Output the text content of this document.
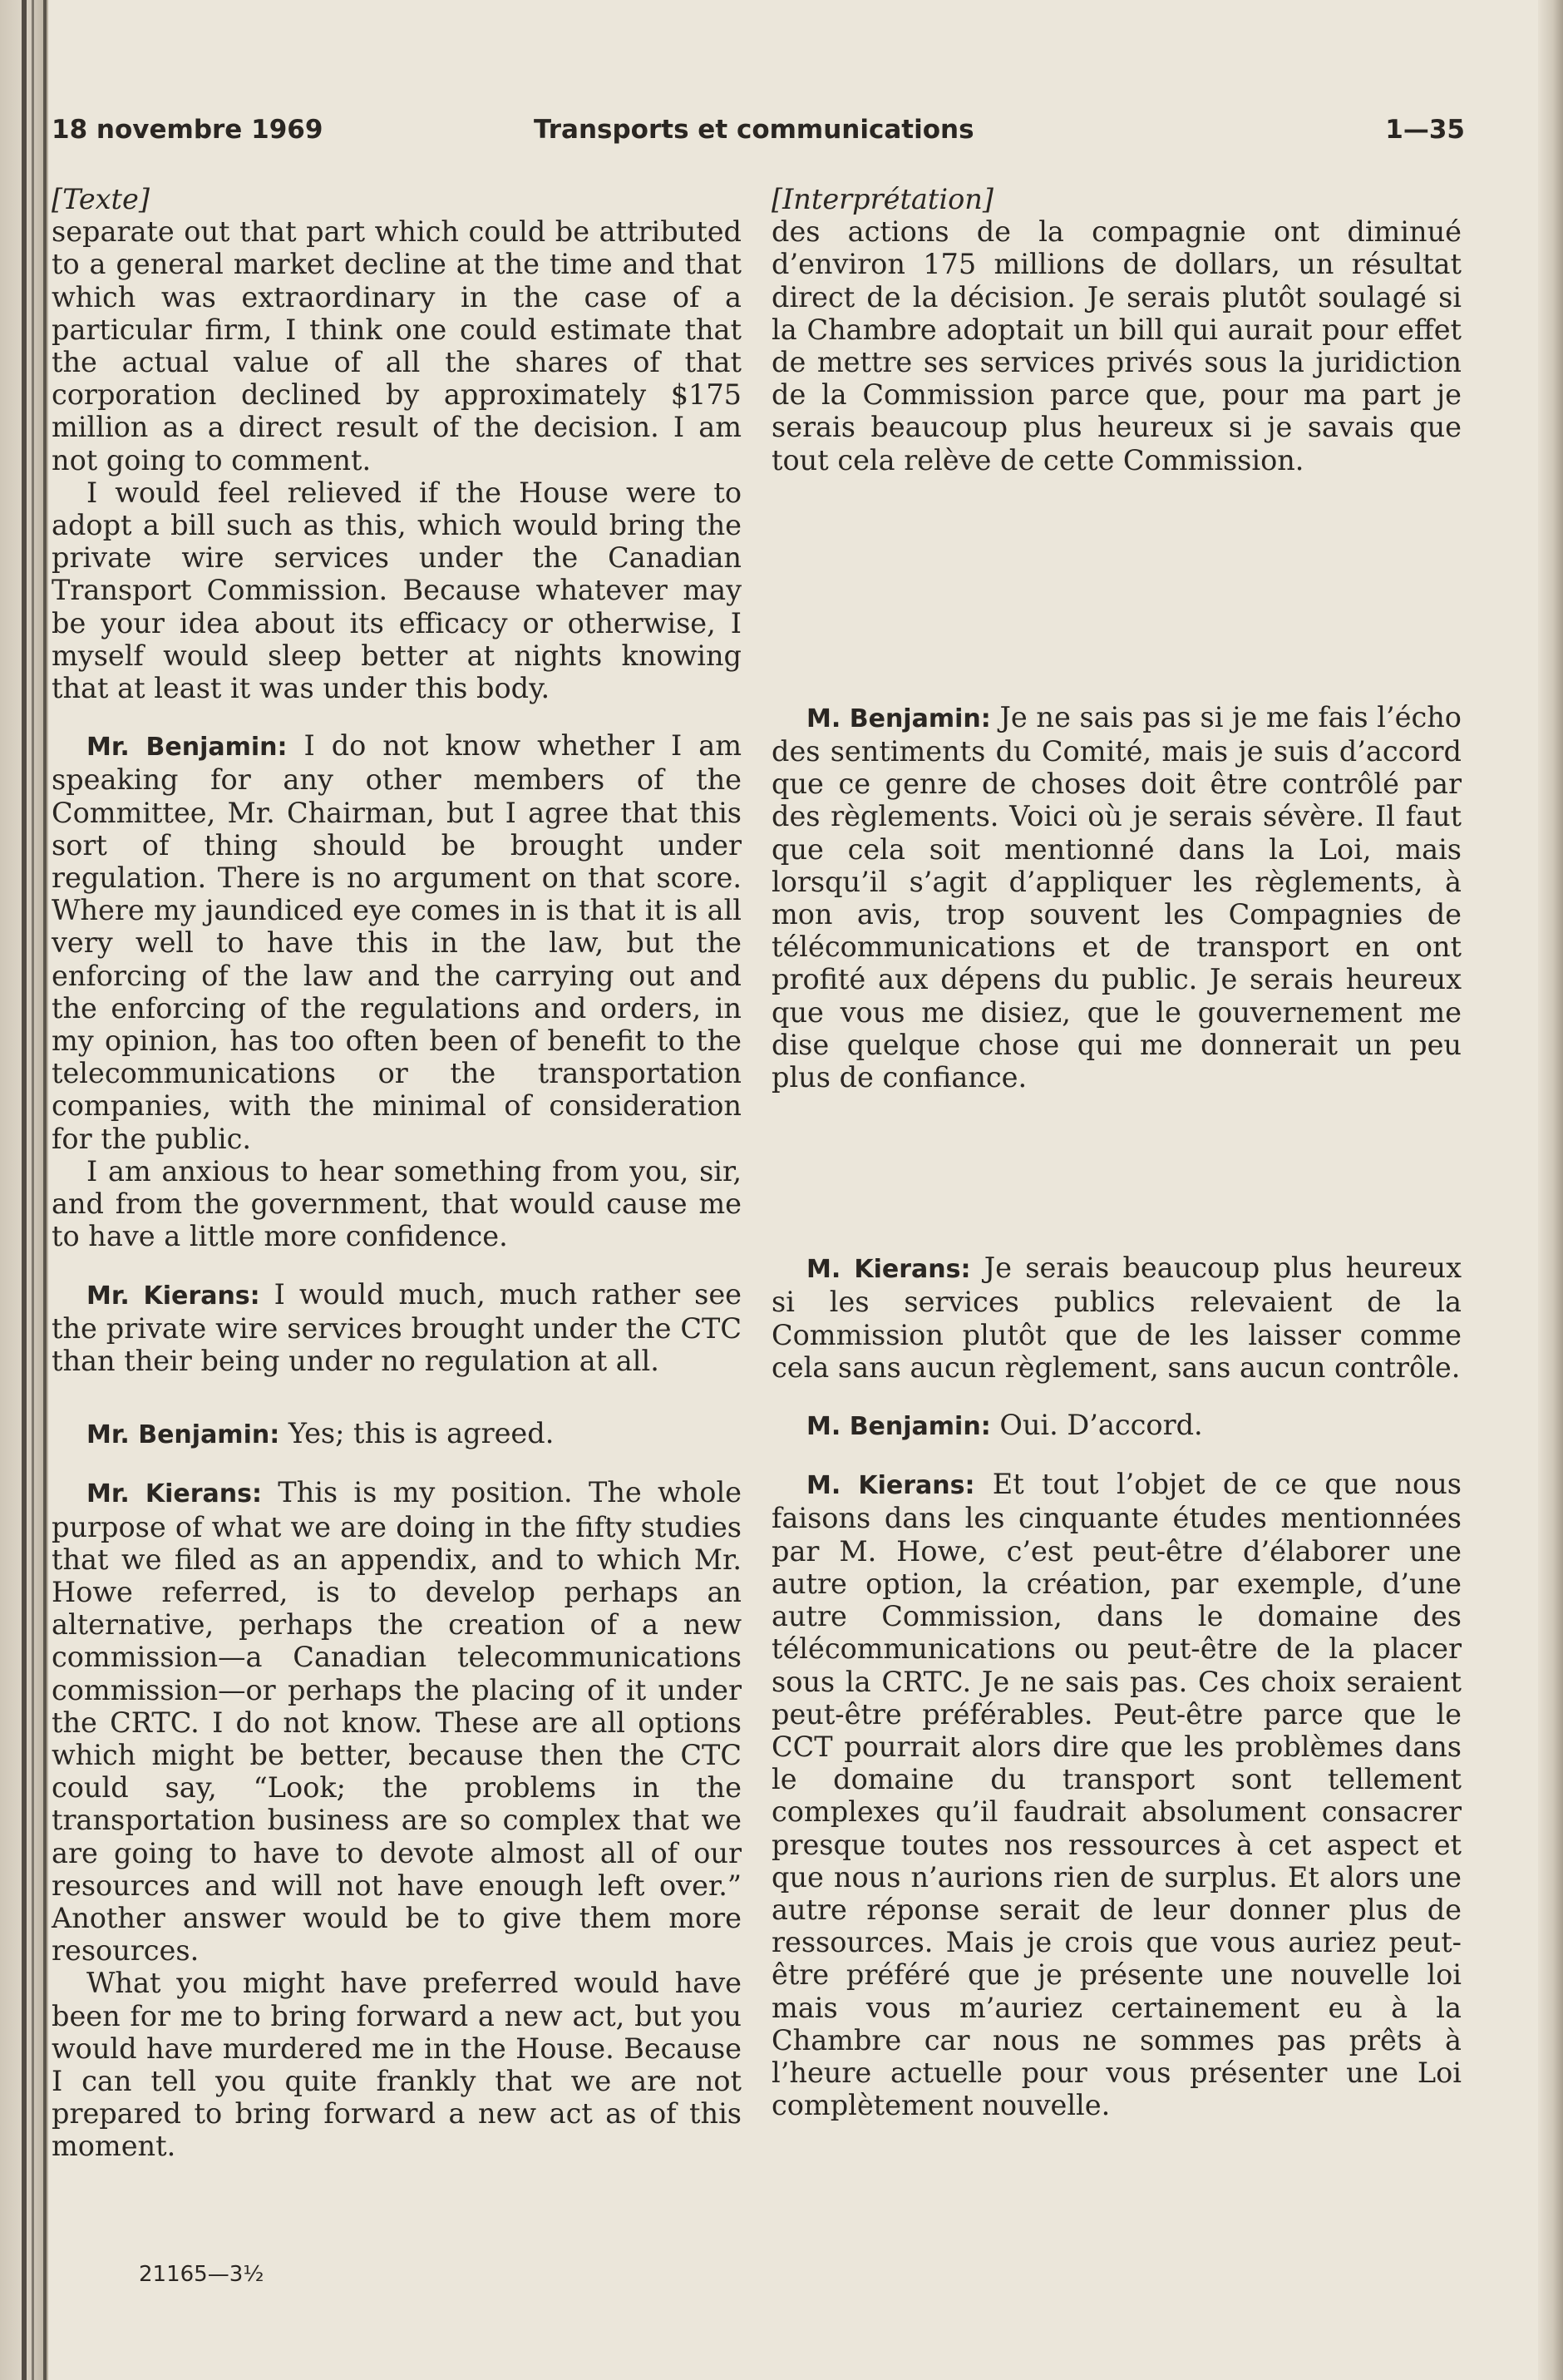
18 novembre 1969	Transports et communications	1—35

[Texte]

separate out that part which could be attributed to a general market decline at the time and that which was extraordinary in the case of a particular firm, I think one could estimate that the actual value of all the shares of that corporation declined by approximately $175 million as a direct result of the decision. I am not going to comment.

I would feel relieved if the House were to adopt a bill such as this, which would bring the private wire services under the Canadian Transport Commission. Because whatever may be your idea about its efficacy or otherwise, I myself would sleep better at nights knowing that at least it was under this body.

Mr. Benjamin: I do not know whether I am speaking for any other members of the Committee, Mr. Chairman, but I agree that this sort of thing should be brought under regulation. There is no argument on that score. Where my jaundiced eye comes in is that it is all very well to have this in the law, but the enforcing of the law and the carrying out and the enforcing of the regulations and orders, in my opinion, has too often been of benefit to the telecommunications or the transportation companies, with the minimal of consideration for the public.

I am anxious to hear something from you, sir, and from the government, that would cause me to have a little more confidence.

Mr. Kierans: I would much, much rather see the private wire services brought under the CTC than their being under no regulation at all.

Mr. Benjamin: Yes; this is agreed.

Mr. Kierans: This is my position. The whole purpose of what we are doing in the fifty studies that we filed as an appendix, and to which Mr. Howe referred, is to develop perhaps an alternative, perhaps the creation of a new commission—a Canadian telecommunications commission—or perhaps the placing of it under the CRTC. I do not know. These are all options which might be better, because then the CTC could say, “Look; the problems in the transportation business are so complex that we are going to have to devote almost all of our resources and will not have enough left over.” Another answer would be to give them more resources.

What you might have preferred would have been for me to bring forward a new act, but you would have murdered me in the House. Because I can tell you quite frankly that we are not prepared to bring forward a new act as of this moment.

[Interprétation]

des actions de la compagnie ont diminué d’environ 175 millions de dollars, un résultat direct de la décision. Je serais plutôt soulagé si la Chambre adoptait un bill qui aurait pour effet de mettre ses services privés sous la juridiction de la Commission parce que, pour ma part je serais beaucoup plus heureux si je savais que tout cela relève de cette Commission.

M. Benjamin: Je ne sais pas si je me fais l’écho des sentiments du Comité, mais je suis d’accord que ce genre de choses doit être contrôlé par des règlements. Voici où je serais sévère. Il faut que cela soit mentionné dans la Loi, mais lorsqu’il s’agit d’appliquer les règlements, à mon avis, trop souvent les Compagnies de télécommunications et de transport en ont profité aux dépens du public. Je serais heureux que vous me disiez, que le gouvernement me dise quelque chose qui me donnerait un peu plus de confiance.

M. Kierans: Je serais beaucoup plus heureux si les services publics relevaient de la Commission plutôt que de les laisser comme cela sans aucun règlement, sans aucun contrôle.

M. Benjamin: Oui. D’accord.

M. Kierans: Et tout l’objet de ce que nous faisons dans les cinquante études mentionnées par M. Howe, c’est peut-être d’élaborer une autre option, la création, par exemple, d’une autre Commission, dans le domaine des télécommunications ou peut-être de la placer sous la CRTC. Je ne sais pas. Ces choix seraient peut-être préférables. Peut-être parce que le CCT pourrait alors dire que les problèmes dans le domaine du transport sont tellement complexes qu’il faudrait absolument consacrer presque toutes nos ressources à cet aspect et que nous n’aurions rien de surplus. Et alors une autre réponse serait de leur donner plus de ressources. Mais je crois que vous auriez peut-être préféré que je présente une nouvelle loi mais vous m’auriez certainement eu à la Chambre car nous ne sommes pas prêts à l’heure actuelle pour vous présenter une Loi complètement nouvelle.

21165—3½
